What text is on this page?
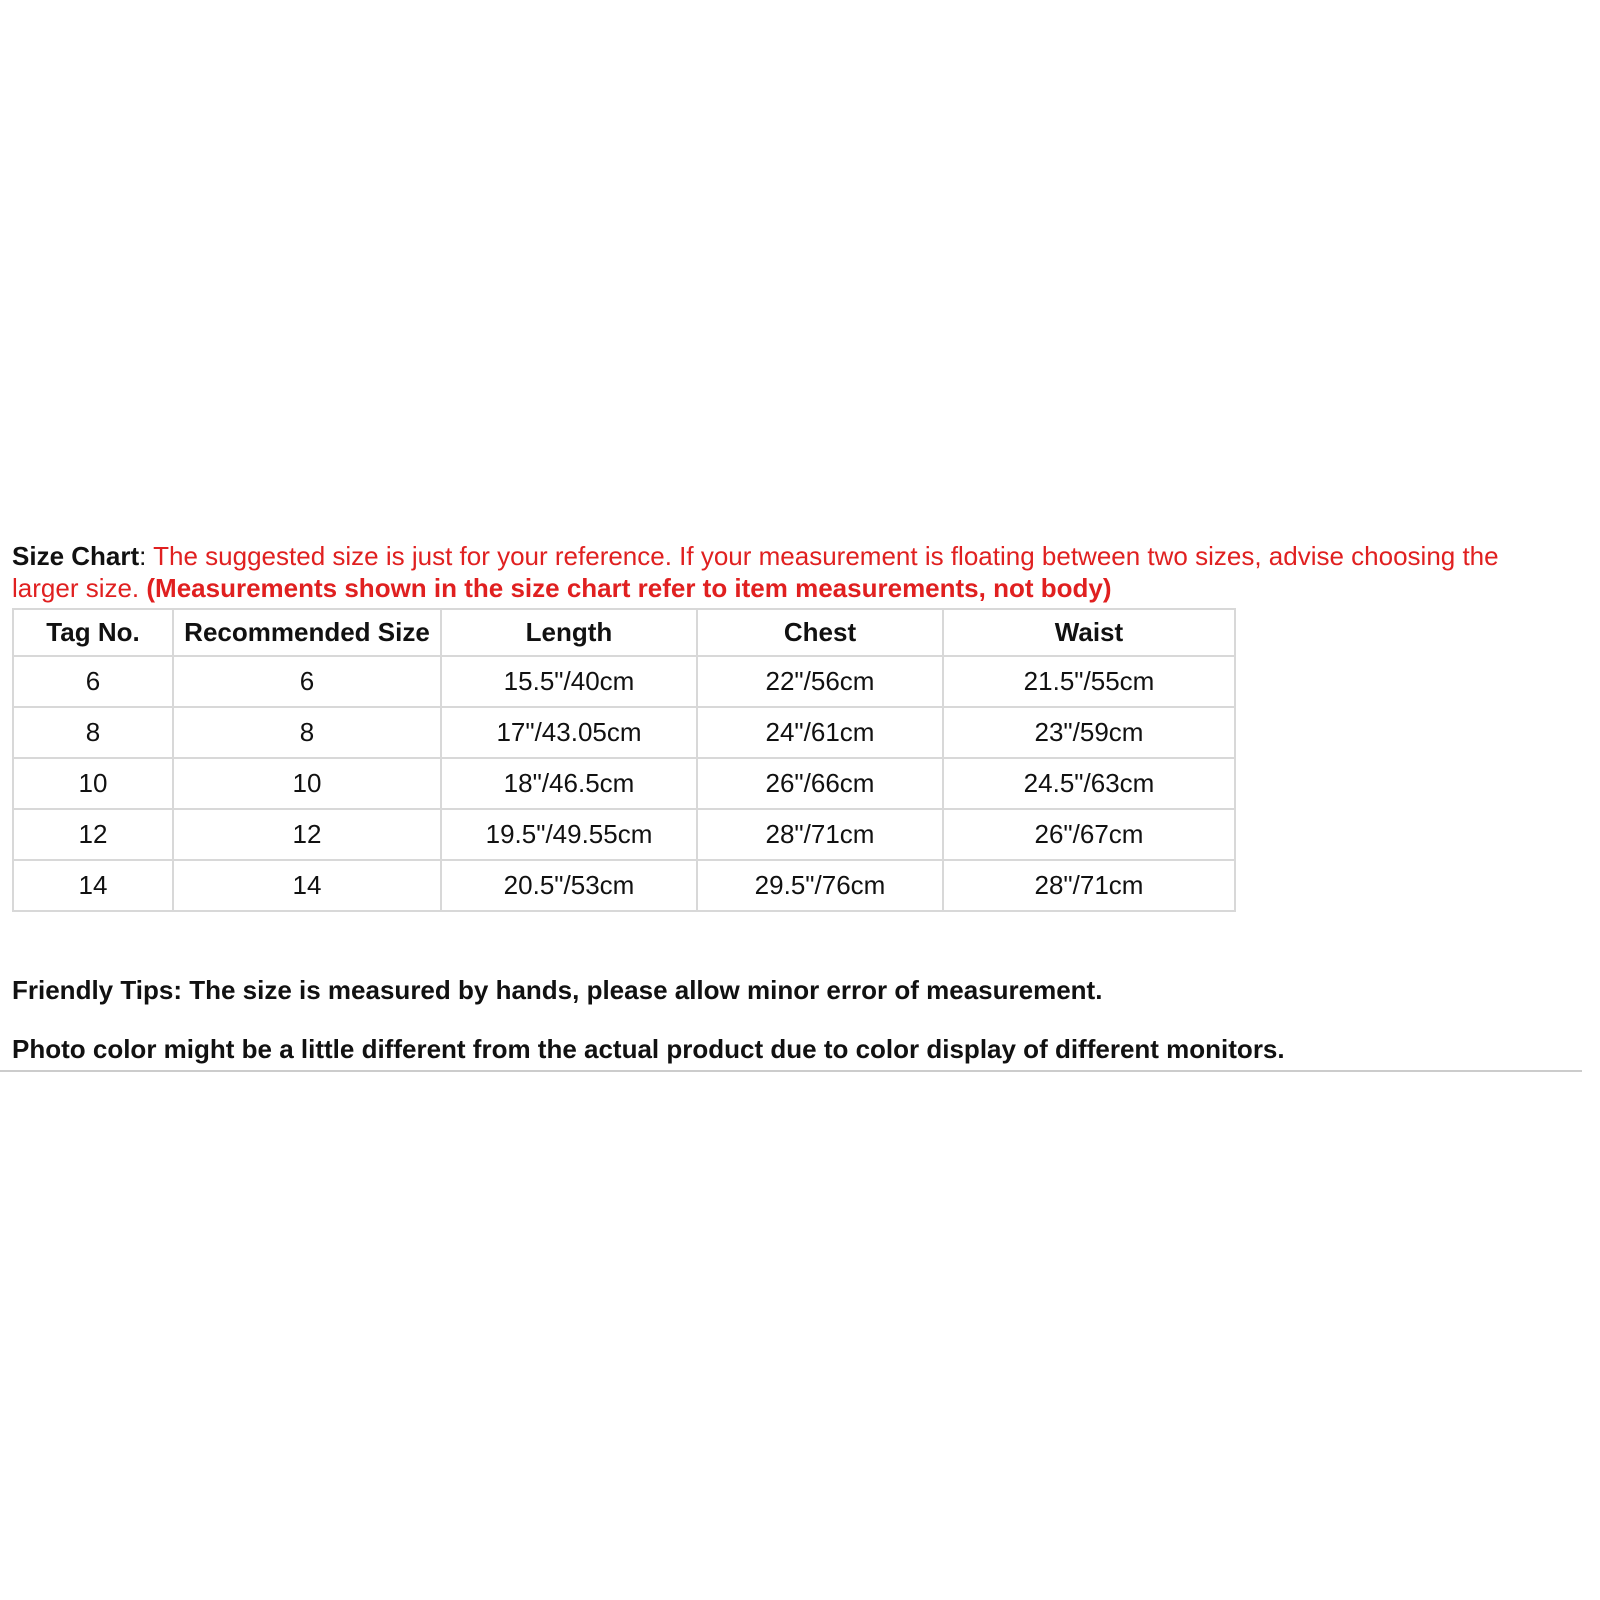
Size Chart: The suggested size is just for your reference. If your measurement is floating between two sizes, advise choosing the larger size. (Measurements shown in the size chart refer to item measurements, not body)

Tag No.	Recommended Size	Length	Chest	Waist
6	6	15.5"/40cm	22"/56cm	21.5"/55cm
8	8	17"/43.05cm	24"/61cm	23"/59cm
10	10	18"/46.5cm	26"/66cm	24.5"/63cm
12	12	19.5"/49.55cm	28"/71cm	26"/67cm
14	14	20.5"/53cm	29.5"/76cm	28"/71cm

Friendly Tips: The size is measured by hands, please allow minor error of measurement.

Photo color might be a little different from the actual product due to color display of different monitors.
